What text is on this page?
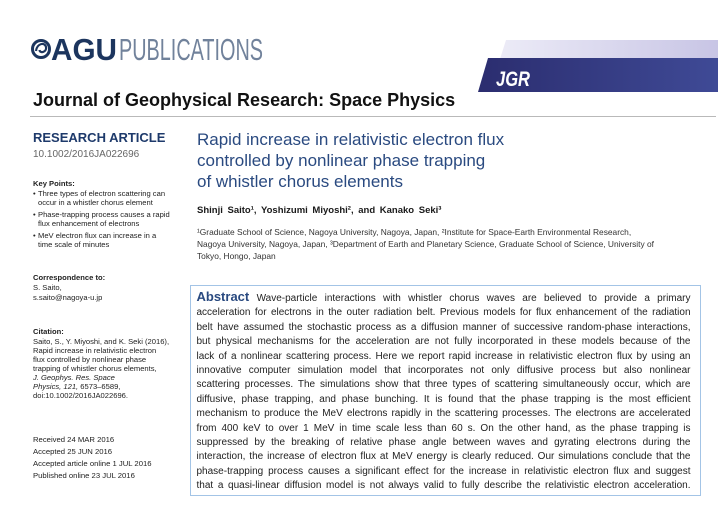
AGU PUBLICATIONS
JGR
Journal of Geophysical Research: Space Physics
RESEARCH ARTICLE
10.1002/2016JA022696
Key Points:
• Three types of electron scattering can
occur in a whistler chorus element
• Phase-trapping process causes a rapid
flux enhancement of electrons
• MeV electron flux can increase in a
time scale of minutes
Correspondence to:
S. Saito,
s.saito@nagoya-u.jp
Citation:
Saito, S., Y. Miyoshi, and K. Seki (2016),
Rapid increase in relativistic electron
flux controlled by nonlinear phase
trapping of whistler chorus elements,
J. Geophys. Res. Space
Physics, 121, 6573–6589,
doi:10.1002/2016JA022696.
Received 24 MAR 2016
Accepted 25 JUN 2016
Accepted article online 1 JUL 2016
Published online 23 JUL 2016
Rapid increase in relativistic electron flux
controlled by nonlinear phase trapping
of whistler chorus elements
Shinji Saito¹, Yoshizumi Miyoshi², and Kanako Seki³
¹Graduate School of Science, Nagoya University, Nagoya, Japan, ²Institute for Space-Earth Environmental Research,
Nagoya University, Nagoya, Japan, ³Department of Earth and Planetary Science, Graduate School of Science, University of
Tokyo, Hongo, Japan
Abstract Wave-particle interactions with whistler chorus waves are believed to provide a primary
acceleration for electrons in the outer radiation belt. Previous models for flux enhancement of the radiation
belt have assumed the stochastic process as a diffusion manner of successive random-phase interactions,
but physical mechanisms for the acceleration are not fully incorporated in these models because of the
lack of a nonlinear scattering process. Here we report rapid increase in relativistic electron flux by using an
innovative computer simulation model that incorporates not only diffusive process but also nonlinear
scattering processes. The simulations show that three types of scattering simultaneously occur, which are
diffusive, phase trapping, and phase bunching. It is found that the phase trapping is the most efficient
mechanism to produce the MeV electrons rapidly in the scattering processes. The electrons are accelerated
from 400 keV to over 1 MeV in time scale less than 60 s. On the other hand, as the phase trapping is
suppressed by the breaking of relative phase angle between waves and gyrating electrons during the
interaction, the increase of electron flux at MeV energy is clearly reduced. Our simulations conclude that the
phase-trapping process causes a significant effect for the increase in relativistic electron flux and suggest
that a quasi-linear diffusion model is not always valid to fully describe the relativistic electron acceleration.
